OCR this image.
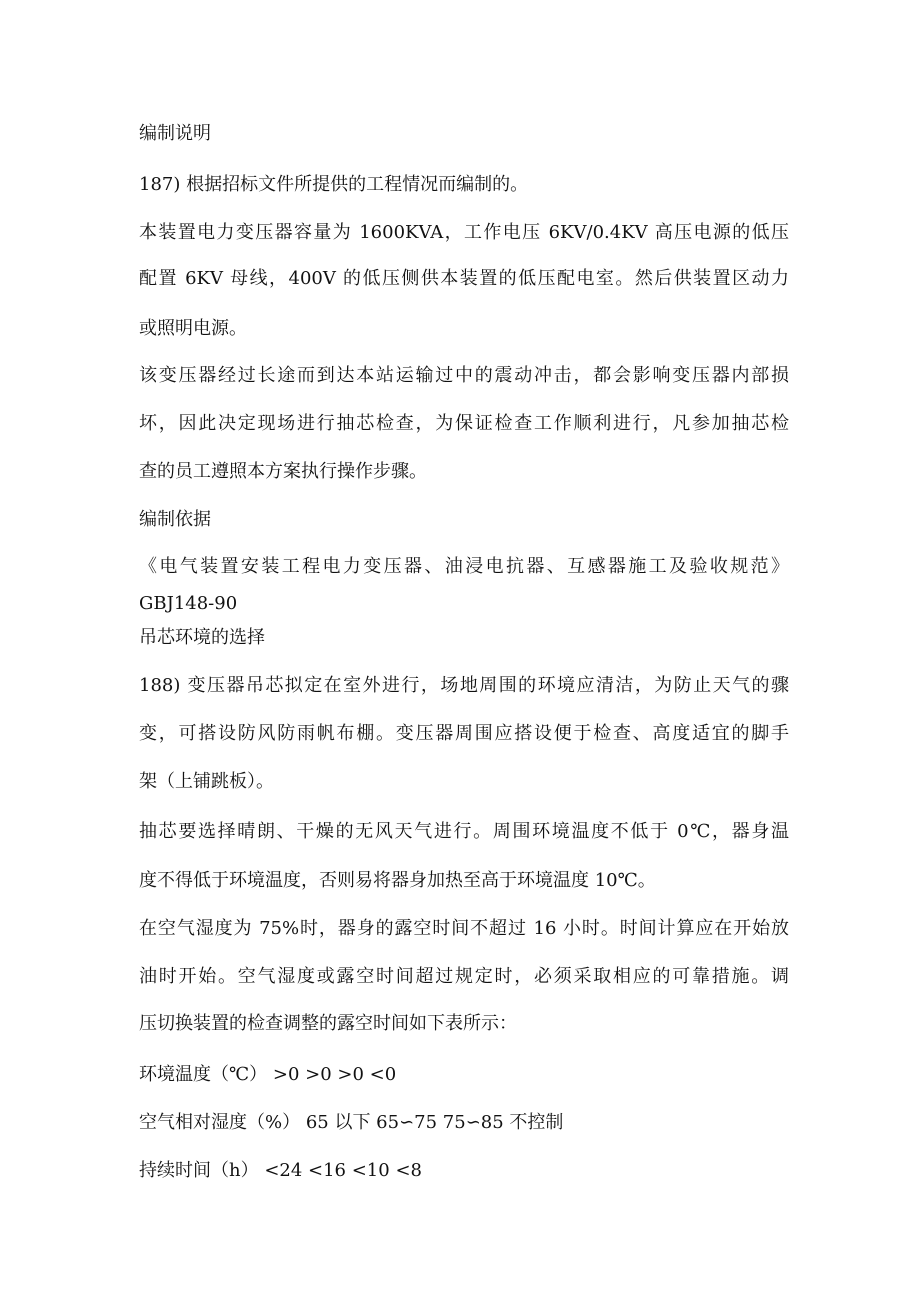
编制说明
187) 根据招标文件所提供的工程情况而编制的。
本装置电力变压器容量为 1600KVA，工作电压 6KV/0.4KV 高压电源的低压
配置 6KV 母线，400V 的低压侧供本装置的低压配电室。然后供装置区动力
或照明电源。
该变压器经过长途而到达本站运输过中的震动冲击，都会影响变压器内部损
坏，因此决定现场进行抽芯检查，为保证检查工作顺利进行，凡参加抽芯检
查的员工遵照本方案执行操作步骤。
编制依据
《电气装置安装工程电力变压器、油浸电抗器、互感器施工及验收规范》
GBJ148-90
吊芯环境的选择
188) 变压器吊芯拟定在室外进行，场地周围的环境应清洁，为防止天气的骤
变，可搭设防风防雨帆布棚。变压器周围应搭设便于检查、高度适宜的脚手
架（上铺跳板）。
抽芯要选择晴朗、干燥的无风天气进行。周围环境温度不低于 0℃，器身温
度不得低于环境温度，否则易将器身加热至高于环境温度 10℃。
在空气湿度为 75%时，器身的露空时间不超过 16 小时。时间计算应在开始放
油时开始。空气湿度或露空时间超过规定时，必须采取相应的可靠措施。调
压切换装置的检查调整的露空时间如下表所示：
环境温度（℃） >0 >0 >0 <0
空气相对湿度（%） 65 以下 65∽75 75∽85 不控制
持续时间（h） <24 <16 <10 <8
